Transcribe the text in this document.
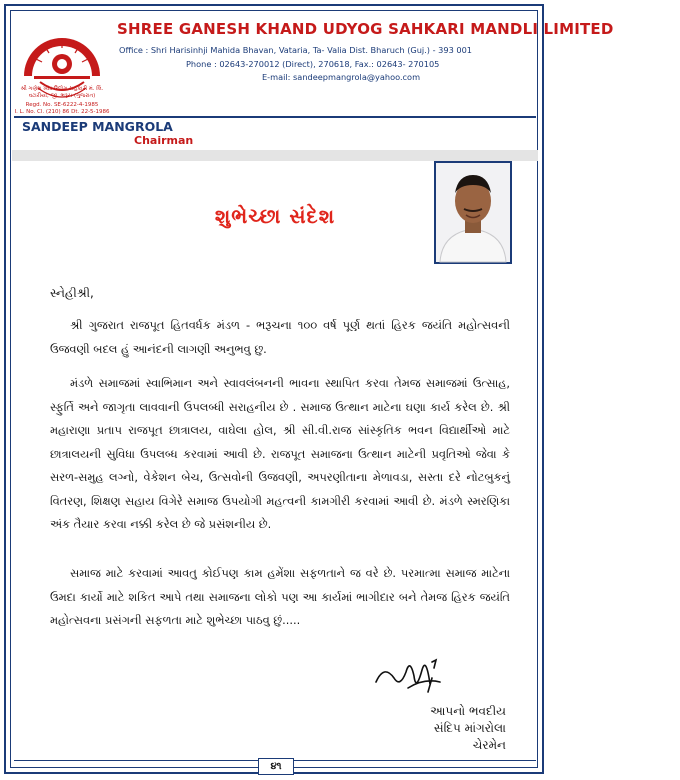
શ્રી ગણેશ ખાંડ ઉદ્યોગ સહકારી મં. લિ.
વટારીયા, જી. ભરૂચ (ગુજરાત)
Regd. No. SE-6222-4-1985
I. L. No. Cl. (210) 86 Dt. 22-5-1986
SHREE GANESH KHAND UDYOG SAHKARI MANDLI LIMITED
Office : Shri Harisinhji Mahida Bhavan, Vataria, Ta- Valia Dist. Bharuch (Guj.) - 393 001
Phone : 02643-270012 (Direct), 270618, Fax.: 02643- 270105
E-mail: sandeepmangrola@yahoo.com
SANDEEP MANGROLA
Chairman
શુભેચ્છા સંદેશ
સ્નેહીશ્રી,
શ્રી ગુજરાત રાજપૂત હિતવર્ધક મંડળ - ભરૂચના ૧૦૦ વર્ષ પૂર્ણ થતાં હિરક જયંતિ મહોત્સવની ઉજવણી બદલ હું આનંદની લાગણી અનુભવુ છુ.
મંડળે સમાજમાં સ્વાભિમાન અને સ્વાવલંબનની ભાવના સ્થાપિત કરવા તેમજ સમાજમાં ઉત્સાહ, સ્ફુર્તિ અને જાગૃતા લાવવાની ઉપલબ્ધી સરાહનીય છે . સમાજ ઉત્થાન માટેના ઘણા કાર્ય કરેલ છે. શ્રી મહારાણા પ્રતાપ રાજપૂત છાત્રાલય, વાઘેલા હોલ, શ્રી સી.વી.રાજ સાંસ્કૃતિક ભવન વિદ્યાર્થીઓ માટે છાત્રાલયની સુવિધા ઉપલબ્ધ કરવામાં આવી છે. રાજપૂત સમાજના ઉત્થાન માટેની પ્રવૃતિઓ જેવા કે સરળ-સમુહ લગ્નો, વેકેશન બેચ, ઉત્સવોની ઉજવણી, અપરણીતાના મેળાવડા, સસ્તા દરે નોટબુકનું વિતરણ, શિક્ષણ સહાય વિગેરે સમાજ ઉપયોગી મહત્વની કામગીરી કરવામાં આવી છે. મંડળે સ્મરણિકા અંક તૈયાર કરવા નક્કી કરેલ છે જે પ્રસંશનીય છે.
સમાજ માટે કરવામાં આવતુ કોઈપણ કામ હમેંશા સફળતાને જ વરે છે. પરમાત્મા સમાજ માટેના ઉમદા કાર્યો માટે શકિત આપે તથા સમાજના લોકો પણ આ કાર્યમાં ભાગીદાર બને તેમજ હિરક જયંતિ મહોત્સવના પ્રસંગની સફળતા માટે શુભેચ્છા પાઠવુ છું.....
આપનો ભવદીય
સંદિપ માંગરોલા
ચેરમેન
૪૧
